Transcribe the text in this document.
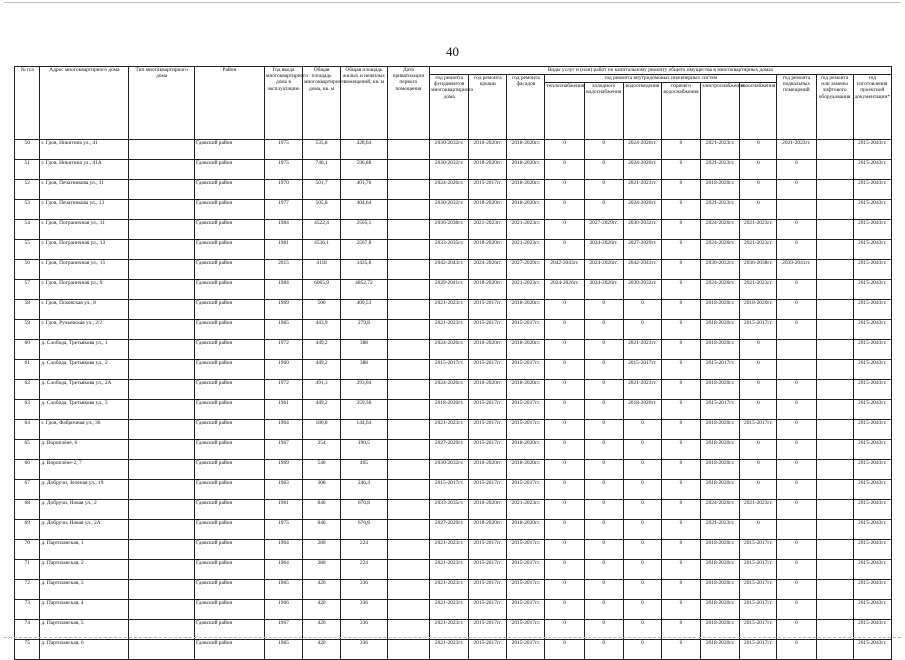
40
№ п/а	Адрес многоквартирного дома	Тип многоквартирного дома	Район	Год ввода многоквартирного дома в эксплуатацию	Общая площадь многоквартирного дома, кв. м	Общая площадь жилых и нежилых помещений, кв. м	Дата приватизации первого помещения	Виды услуг и (или) работ по капитальному ремонту общего имущества в многоквартирных домах											
								год ремонта фундаментов многоквартирного дома	год ремонта крыши	год ремонта фасадов	год ремонта внутридомовых инженерных систем						год ремонта подвальных помещений	год ремонта или замены лифтового оборудования	год изготовления проектной документации*
											теплоснабжения	холодного водоснабжения	водоотведения	горячего водоснабжения	электроснабжения	газоснабжения			
50	г. Гдов, Никитина ул., 41		Гдовский район	1975	535,8	428,64		2030-2032гг.	2018-2020гг.	2018-2020гг.	0	0	2024-2026гг.	0	2021-2023гг.	0	2021-2023гг.		2015-2043гг.
51	г. Гдов, Никитина ул., 41А		Гдовский район	1975	746,1	596,88		2030-2032гг.	2018-2020гг.	2018-2020гг.	0	0	2024-2026гг.	0	2021-2023гг.	0	0		2015-2043гг.
52	г. Гдов, Печатникова ул., 11		Гдовский район	1970	501,7	401,76		2024-2026гг.	2015-2017гг.	2018-2020гг.	0	0	2021-2023гг.	0	2018-2020гг.	0	0		2015-2043гг.
53	г. Гдов, Печатникова ул., 13		Гдовский район	1977	505,8	404,64		2030-2032гг.	2018-2020гг.	2018-2020гг.	0	0	2024-2026гг.	0	2021-2023гг.	0			2015-2043гг.
54	г. Гдов, Пограничная ул., 11		Гдовский район	1984	4522,4	2505,1		2036-2038гг.	2021-2023гг.	2021-2023гг.	0	2027-2029гг.	2030-2032гг.	0	2024-2026гг.	2021-2023гг.	0		2015-2043гг.
55	г. Гдов, Пограничная ул., 13		Гдовский район	1981	4536,1	2567,8		2033-2035гг.	2018-2020гг.	2021-2023гг.	0	2024-2026гг.	2027-2029гг.	0	2024-2026гг.	2021-2023гг.	0		2015-2043гг.
56	г. Гдов, Пограничная ул., 15		Гдовский район	2015	4118	3435,8		2042-2043гг.	2024-2026гг.	2027-2029гг.	2042-2043гг.	2024-2026гг.	2042-2043гг.	0	2030-2032гг.	2036-2038гг.	2039-2041гг.		2015-2043гг.
57	г. Гдов, Пограничная ул., 9		Гдовский район	1984	6065,9	4852,72		2039-2041гг.	2018-2020гг.	2021-2023гг.	2024-2026гг.	2024-2026гг.	2030-2032гг.	0	2024-2026гг.	2021-2023гг.	0		2015-2043гг.
58	г. Гдов, Псковская ул., 8		Гдовский район	1969	500	400,53		2021-2023гг.	2015-2017гг.	2018-2020гг.	0	0	0	0	2018-2020гг.	2018-2020гг.	0		2015-2043гг.
59	г. Гдов, Ручьевская ул., 2/2		Гдовский район	1965	443,9	279,8		2021-2023гг.	2015-2017гг.	2015-2017гг.	0	0	0	0	2018-2020гг.	2015-2017гг.	0		2015-2043гг.
60	д. Слобода, Третьякова ул., 1		Гдовский район	1972	449,2	388		2024-2026гг.	2018-2020гг.	2018-2020гг.	0	0	2021-2023гг.	0	2018-2020гг.	0			2015-2043гг.
61	д. Слобода, Третьякова ул., 2		Гдовский район	1960	449,2	388		2015-2017гг.	2015-2017гг.	2015-2017гг.	0	0	2015-2017гг.	0	2015-2017гг.	0			2015-2043гг.
62	д. Слобода, Третьякова ул., 2А		Гдовский район	1972	491,3	393,04		2024-2026гг.	2018-2020гг.	2018-2020гг.	0	0	2021-2023гг.	0	2018-2020гг.	0	0		2015-2043гг.
63	д. Слобода, Третьякова ул., 3		Гдовский район	1961	449,2	359,36		2018-2020гг.	2015-2017гг.	2015-2017гг.	0	0	2018-2020гг.	0	2015-2017гг.	0	0		2015-2043гг.
64	г. Гдов, Фабричная ул., 36		Гдовский район	1964	180,8	144,64		2021-2023гг.	2015-2017гг.	2015-2017гг.	0	0	0	0	2018-2020гг.	2015-2017гг.	0		2015-2043гг.
65	д. Вороплёне, 6		Гдовский район	1967	254	190,5		2027-2029гг.	2015-2017гг.	2018-2020гг.	0	0	0	0	2018-2020гг.	0	0		2015-2043гг.
66	д. Вороплёне-2, 7		Гдовский район	1969	540	405		2030-2032гг.	2018-2020гг.	2018-2020гг.	0	0	0	0	2018-2020гг.	0	0		2015-2043гг.
67	д. Добручи, Зеленая ул., 19		Гдовский район	1963	308	246,4		2015-2017гг.	2015-2017гг.	2015-2017гг.	0	0	0	0	2018-2020гг.	0	0		2015-2043гг.
68	д. Добручи, Новая ул., 2		Гдовский район	1981	846	676,8		2033-2035гг.	2018-2020гг.	2021-2023гг.	0	0	0	0	2024-2026гг.	2021-2023гг.	0		2015-2043гг.
69	д. Добручи, Новая ул., 2А		Гдовский район	1975	846	676,8		2027-2029гг.	2018-2020гг.	2018-2020гг.	0	0	0	0	2021-2023гг.	0			2015-2043гг.
70	д. Партизанская, 1		Гдовский район	1964	280	224		2021-2023гг.	2015-2017гг.	2015-2017гг.	0	0	0	0	2018-2020гг.	2015-2017гг.	0		2015-2043гг.
71	д. Партизанская, 2		Гдовский район	1964	280	224		2021-2023гг.	2015-2017гг.	2015-2017гг.	0	0	0	0	2018-2020гг.	2015-2017гг.	0		2015-2043гг.
72	д. Партизанская, 3		Гдовский район	1965	420	336		2021-2023гг.	2015-2017гг.	2015-2017гг.	0	0	0	0	2018-2020гг.	2015-2017гг.	0		2015-2043гг.
73	д. Партизанская, 4		Гдовский район	1966	420	336		2021-2023гг.	2015-2017гг.	2015-2017гг.	0	0	0	0	2018-2020гг.	2015-2017гг.	0		2015-2043гг.
74	д. Партизанская, 5		Гдовский район	1967	420	336		2021-2023гг.	2015-2017гг.	2015-2017гг.	0	0	0	0	2018-2020гг.	2015-2017гг.	0		2015-2043гг.
75	д. Партизанская, 6		Гдовский район	1965	420	336		2021-2023гг.	2015-2017гг.	2015-2017гг.	0	0	0	0	2018-2020гг.	2015-2017гг.	0		2015-2043гг.
